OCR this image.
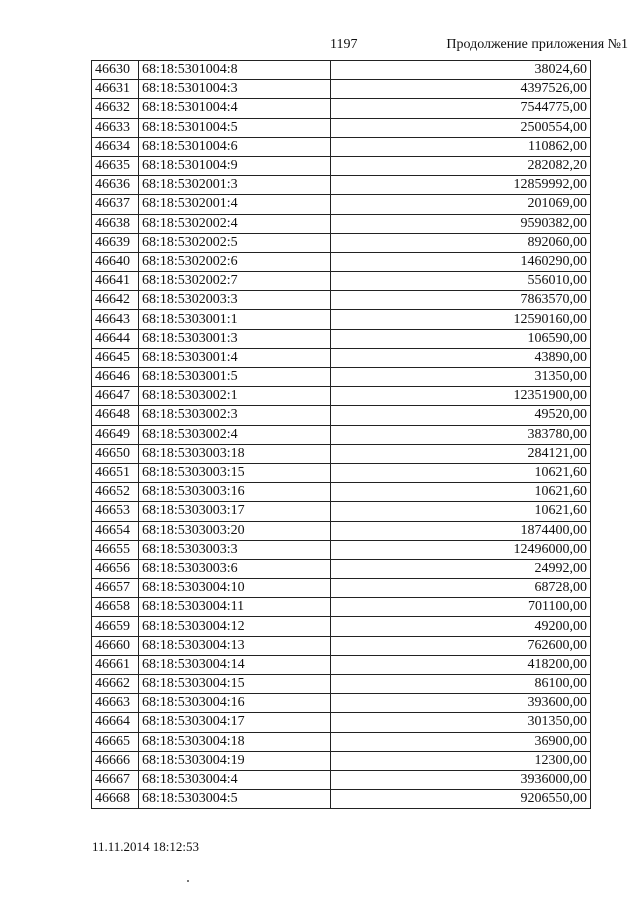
1197	Продолжение приложения №1
46630	68:18:5301004:8	38024,60
46631	68:18:5301004:3	4397526,00
46632	68:18:5301004:4	7544775,00
46633	68:18:5301004:5	2500554,00
46634	68:18:5301004:6	110862,00
46635	68:18:5301004:9	282082,20
46636	68:18:5302001:3	12859992,00
46637	68:18:5302001:4	201069,00
46638	68:18:5302002:4	9590382,00
46639	68:18:5302002:5	892060,00
46640	68:18:5302002:6	1460290,00
46641	68:18:5302002:7	556010,00
46642	68:18:5302003:3	7863570,00
46643	68:18:5303001:1	12590160,00
46644	68:18:5303001:3	106590,00
46645	68:18:5303001:4	43890,00
46646	68:18:5303001:5	31350,00
46647	68:18:5303002:1	12351900,00
46648	68:18:5303002:3	49520,00
46649	68:18:5303002:4	383780,00
46650	68:18:5303003:18	284121,00
46651	68:18:5303003:15	10621,60
46652	68:18:5303003:16	10621,60
46653	68:18:5303003:17	10621,60
46654	68:18:5303003:20	1874400,00
46655	68:18:5303003:3	12496000,00
46656	68:18:5303003:6	24992,00
46657	68:18:5303004:10	68728,00
46658	68:18:5303004:11	701100,00
46659	68:18:5303004:12	49200,00
46660	68:18:5303004:13	762600,00
46661	68:18:5303004:14	418200,00
46662	68:18:5303004:15	86100,00
46663	68:18:5303004:16	393600,00
46664	68:18:5303004:17	301350,00
46665	68:18:5303004:18	36900,00
46666	68:18:5303004:19	12300,00
46667	68:18:5303004:4	3936000,00
46668	68:18:5303004:5	9206550,00
11.11.2014 18:12:53
